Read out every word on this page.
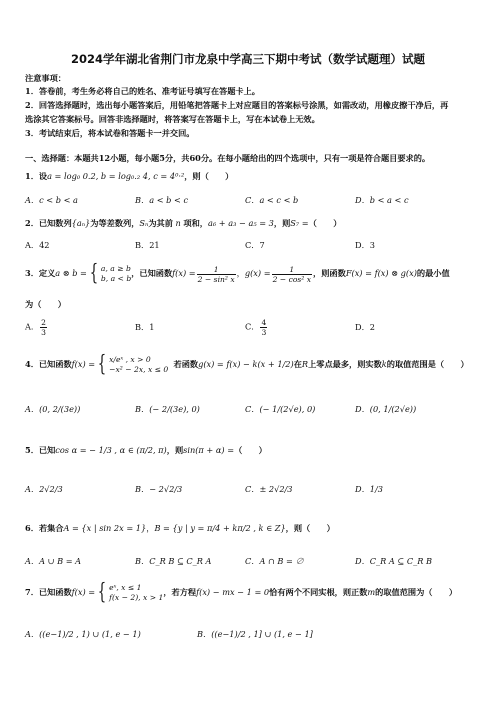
2024学年湖北省荆门市龙泉中学高三下期中考试（数学试题理）试题
注意事项：
1．答卷前，考生务必将自己的姓名、准考证号填写在答题卡上。
2．回答选择题时，选出每小题答案后，用铅笔把答题卡上对应题目的答案标号涂黑，如需改动，用橡皮擦干净后，再
选涂其它答案标号。回答非选择题时，将答案写在答题卡上，写在本试卷上无效。
3．考试结束后，将本试卷和答题卡一并交回。
一、选择题：本题共12小题，每小题5分，共60分。在每小题给出的四个选项中，只有一项是符合题目要求的。
1．设a = log₀ 0.2, b = log₀.₂ 4, c = 4⁰·²，则（　　）
A．c < b < a	B．a < b < c	C．a < c < b	D．b < a < c
2．已知数列{aₙ}为等差数列，Sₙ为其前 n 项和，a₆ + a₃ − a₅ = 3，则S₇ =（　　）
A．42	B．21	C．7	D．3
3．定义a ⊗ b = { a, a ≥ b
b, a < b
，已知函数$f(x) = \frac{1}{\text{2 − sin² x}}$ ，$g(x) = \frac{1}{\text{2 − cos² x}}$ ，则函数F(x) = f(x) ⊗ g(x)的最小值
为（　　）
A． $\frac{2}{3}$	B．1	C． $\frac{4}{3}$	D．2
4．已知函数f(x) = { x/eˣ , x > 0
−x² − 2x, x ≤ 0
若函数g(x) = f(x) − k(x + 1/2)在R上零点最多，则实数k的取值范围是（　　）
A．(0, 2/(3e))	B．(− 2/(3e), 0)	C．(− 1/(2√e), 0)	D．(0, 1/(2√e))
5．已知cos α = − 1/3 , α ∈ (π/2, π)，则sin(π + α) =（　　）
A．2√2/3	B．− 2√2/3	C．± 2√2/3	D．1/3
6．若集合A = {x | sin 2x = 1}，B = {y | y = π/4 + kπ/2 , k ∈ Z}，则（　　）
A．A ∪ B = A	B．C_R B ⊆ C_R A	C．A ∩ B = ∅	D．C_R A ⊆ C_R B
7．已知函数f(x) = { eˣ, x ≤ 1
f(x − 2), x > 1
，若方程f(x) − mx − 1 = 0恰有两个不同实根，则正数m的取值范围为（　　）
A．((e−1)/2 , 1) ∪ (1, e − 1)	B．((e−1)/2 , 1] ∪ (1, e − 1]
